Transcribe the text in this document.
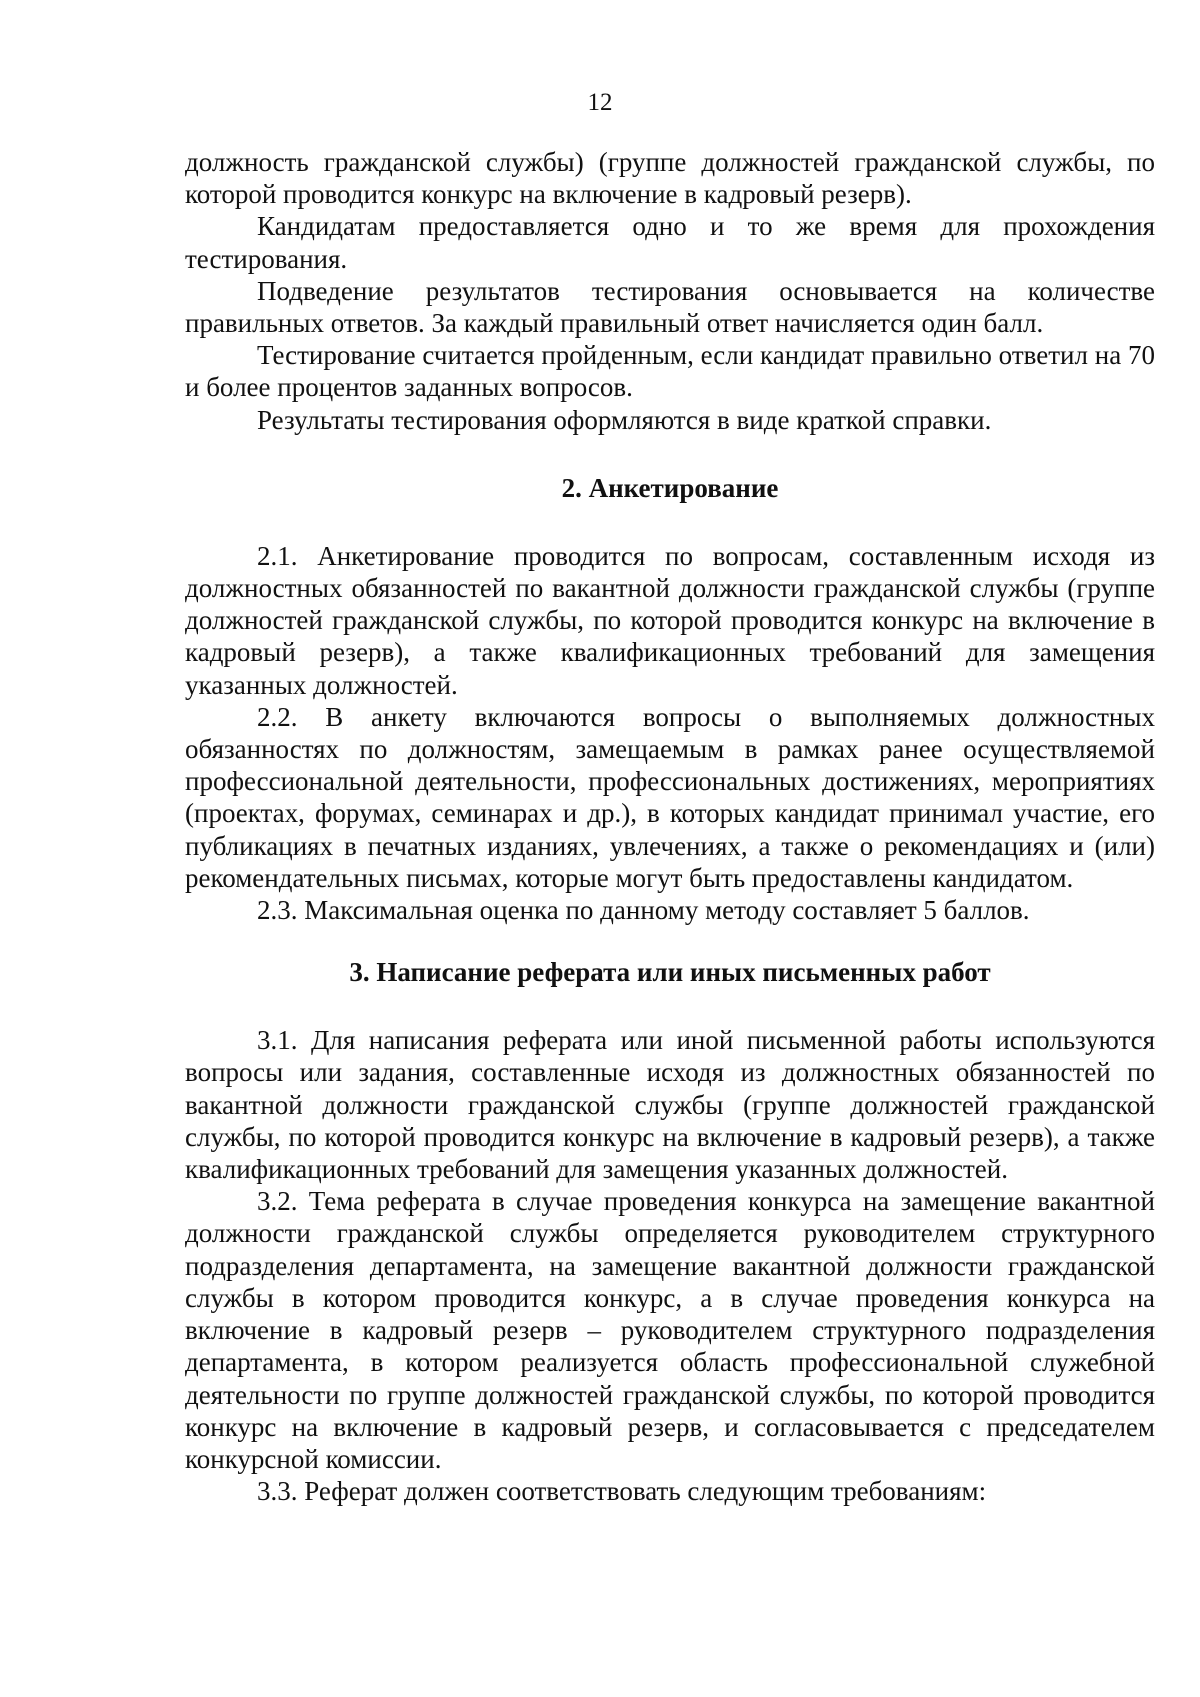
12

должность гражданской службы) (группе должностей гражданской службы, по которой проводится конкурс на включение в кадровый резерв).

Кандидатам предоставляется одно и то же время для прохождения тестирования.

Подведение результатов тестирования основывается на количестве правильных ответов. За каждый правильный ответ начисляется один балл.

Тестирование считается пройденным, если кандидат правильно ответил на 70 и более процентов заданных вопросов.

Результаты тестирования оформляются в виде краткой справки.

2. Анкетирование

2.1. Анкетирование проводится по вопросам, составленным исходя из должностных обязанностей по вакантной должности гражданской службы (группе должностей гражданской службы, по которой проводится конкурс на включение в кадровый резерв), а также квалификационных требований для замещения указанных должностей.

2.2. В анкету включаются вопросы о выполняемых должностных обязанностях по должностям, замещаемым в рамках ранее осуществляемой профессиональной деятельности, профессиональных достижениях, мероприятиях (проектах, форумах, семинарах и др.), в которых кандидат принимал участие, его публикациях в печатных изданиях, увлечениях, а также о рекомендациях и (или) рекомендательных письмах, которые могут быть предоставлены кандидатом.

2.3. Максимальная оценка по данному методу составляет 5 баллов.

3. Написание реферата или иных письменных работ

3.1. Для написания реферата или иной письменной работы используются вопросы или задания, составленные исходя из должностных обязанностей по вакантной должности гражданской службы (группе должностей гражданской службы, по которой проводится конкурс на включение в кадровый резерв), а также квалификационных требований для замещения указанных должностей.

3.2. Тема реферата в случае проведения конкурса на замещение вакантной должности гражданской службы определяется руководителем структурного подразделения департамента, на замещение вакантной должности гражданской службы в котором проводится конкурс, а в случае проведения конкурса на включение в кадровый резерв – руководителем структурного подразделения департамента, в котором реализуется область профессиональной служебной деятельности по группе должностей гражданской службы, по которой проводится конкурс на включение в кадровый резерв, и согласовывается с председателем конкурсной комиссии.

3.3. Реферат должен соответствовать следующим требованиям:
